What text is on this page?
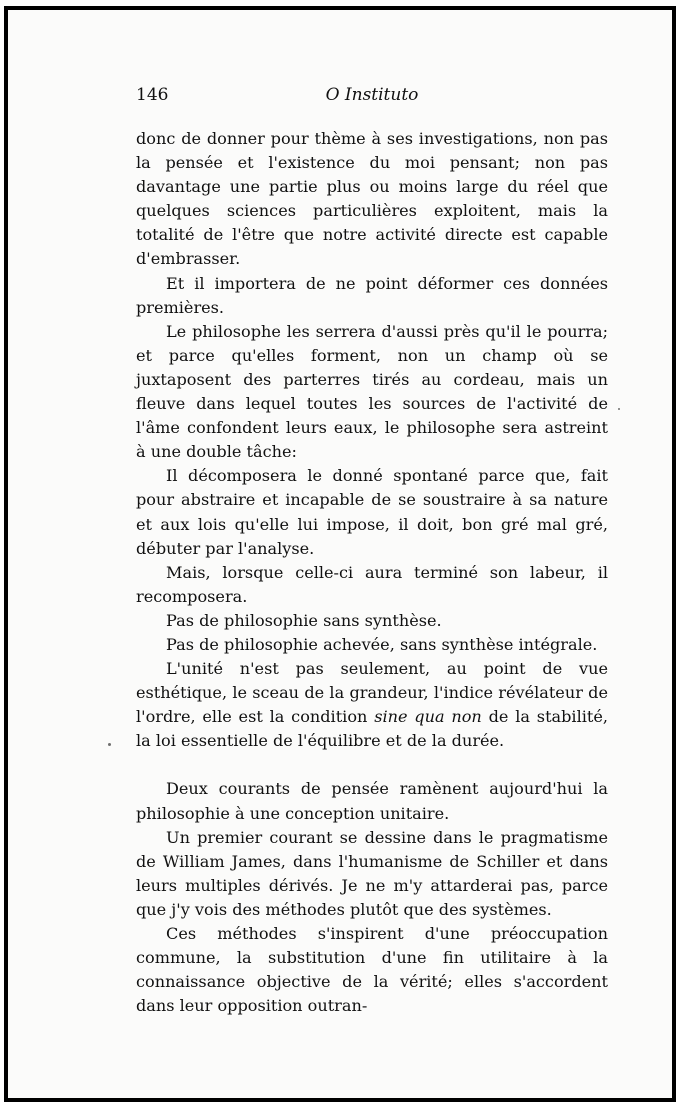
146	O Instituto

donc de donner pour thème à ses investigations, non pas la pensée et l'existence du moi pensant; non pas davantage une partie plus ou moins large du réel que quelques sciences particulières exploitent, mais la totalité de l'être que notre activité directe est capable d'embrasser.

Et il importera de ne point déformer ces données premières.

Le philosophe les serrera d'aussi près qu'il le pourra; et parce qu'elles forment, non un champ où se juxtaposent des parterres tirés au cordeau, mais un fleuve dans lequel toutes les sources de l'activité de l'âme confondent leurs eaux, le philosophe sera astreint à une double tâche:

Il décomposera le donné spontané parce que, fait pour abstraire et incapable de se soustraire à sa nature et aux lois qu'elle lui impose, il doit, bon gré mal gré, débuter par l'analyse.

Mais, lorsque celle-ci aura terminé son labeur, il recomposera.

Pas de philosophie sans synthèse.

Pas de philosophie achevée, sans synthèse intégrale.

L'unité n'est pas seulement, au point de vue esthétique, le sceau de la grandeur, l'indice révélateur de l'ordre, elle est la condition sine qua non de la stabilité, la loi essentielle de l'équilibre et de la durée.

Deux courants de pensée ramènent aujourd'hui la philosophie à une conception unitaire.

Un premier courant se dessine dans le pragmatisme de William James, dans l'humanisme de Schiller et dans leurs multiples dérivés. Je ne m'y attarderai pas, parce que j'y vois des méthodes plutôt que des systèmes.

Ces méthodes s'inspirent d'une préoccupation commune, la substitution d'une fin utilitaire à la connaissance objective de la vérité; elles s'accordent dans leur opposition outran-
